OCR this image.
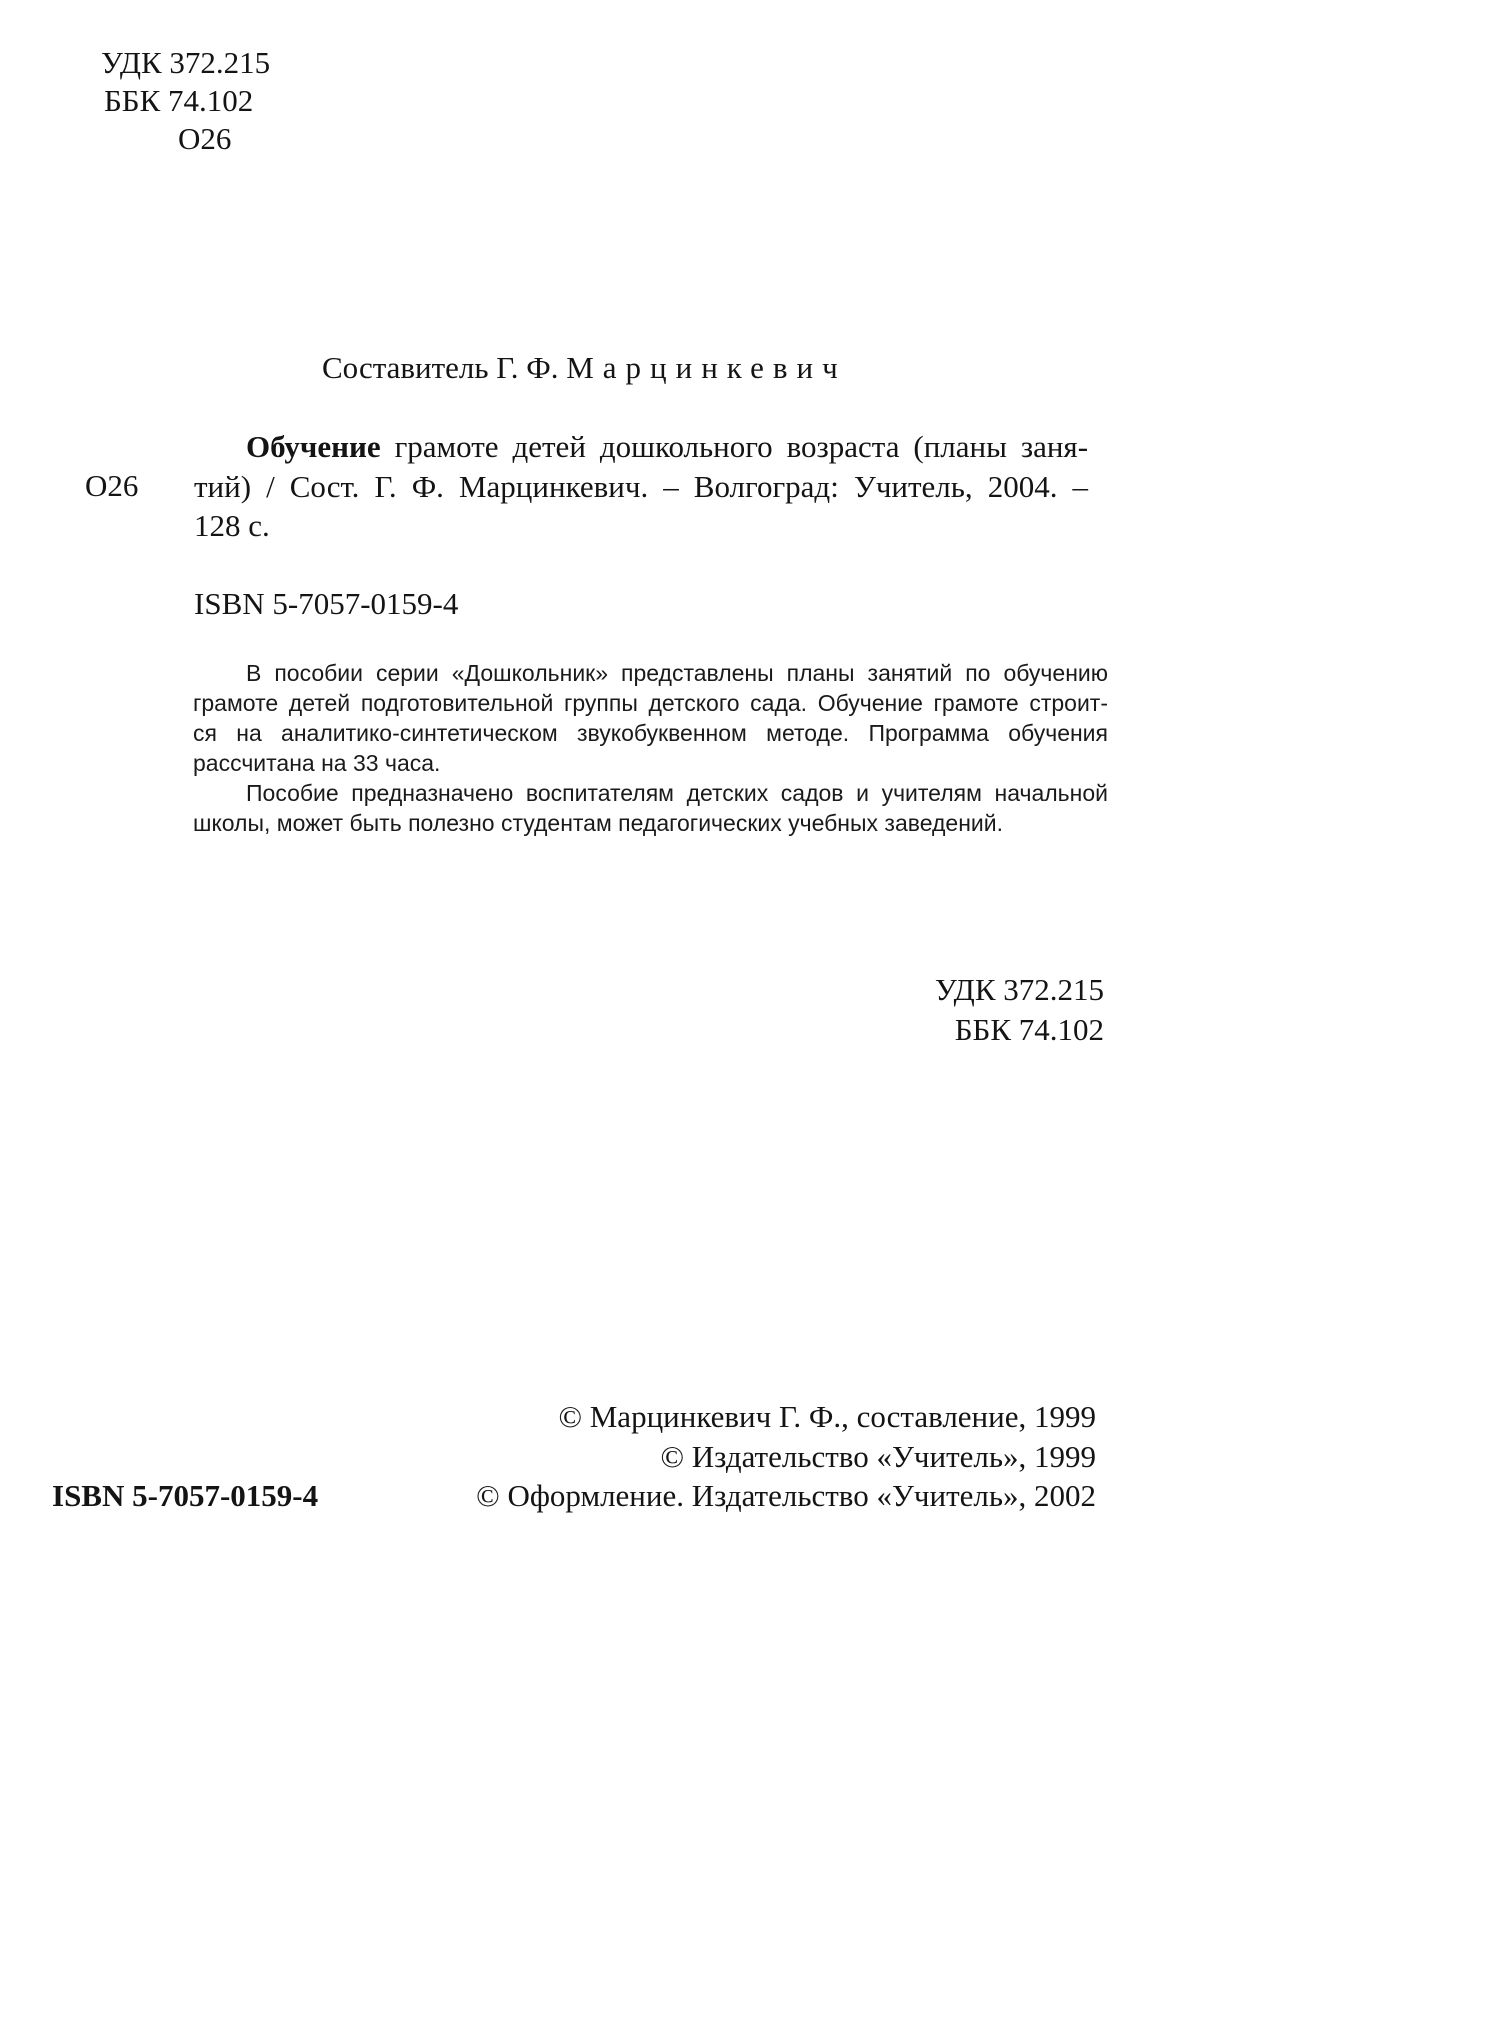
УДК 372.215
ББК 74.102
О26
Составитель Г. Ф. Марцинкевич
О26
Обучение грамоте детей дошкольного возраста (планы заня-
тий) / Сост. Г. Ф. Марцинкевич. – Волгоград: Учитель, 2004. –
128 с.
ISBN 5-7057-0159-4
В пособии серии «Дошкольник» представлены планы занятий по обучению
грамоте детей подготовительной группы детского сада. Обучение грамоте строит-
ся на аналитико-синтетическом звукобуквенном методе. Программа обучения
рассчитана на 33 часа.
Пособие предназначено воспитателям детских садов и учителям начальной
школы, может быть полезно студентам педагогических учебных заведений.
УДК 372.215
ББК 74.102
© Марцинкевич Г. Ф., составление, 1999
© Издательство «Учитель», 1999
© Оформление. Издательство «Учитель», 2002
ISBN 5-7057-0159-4
